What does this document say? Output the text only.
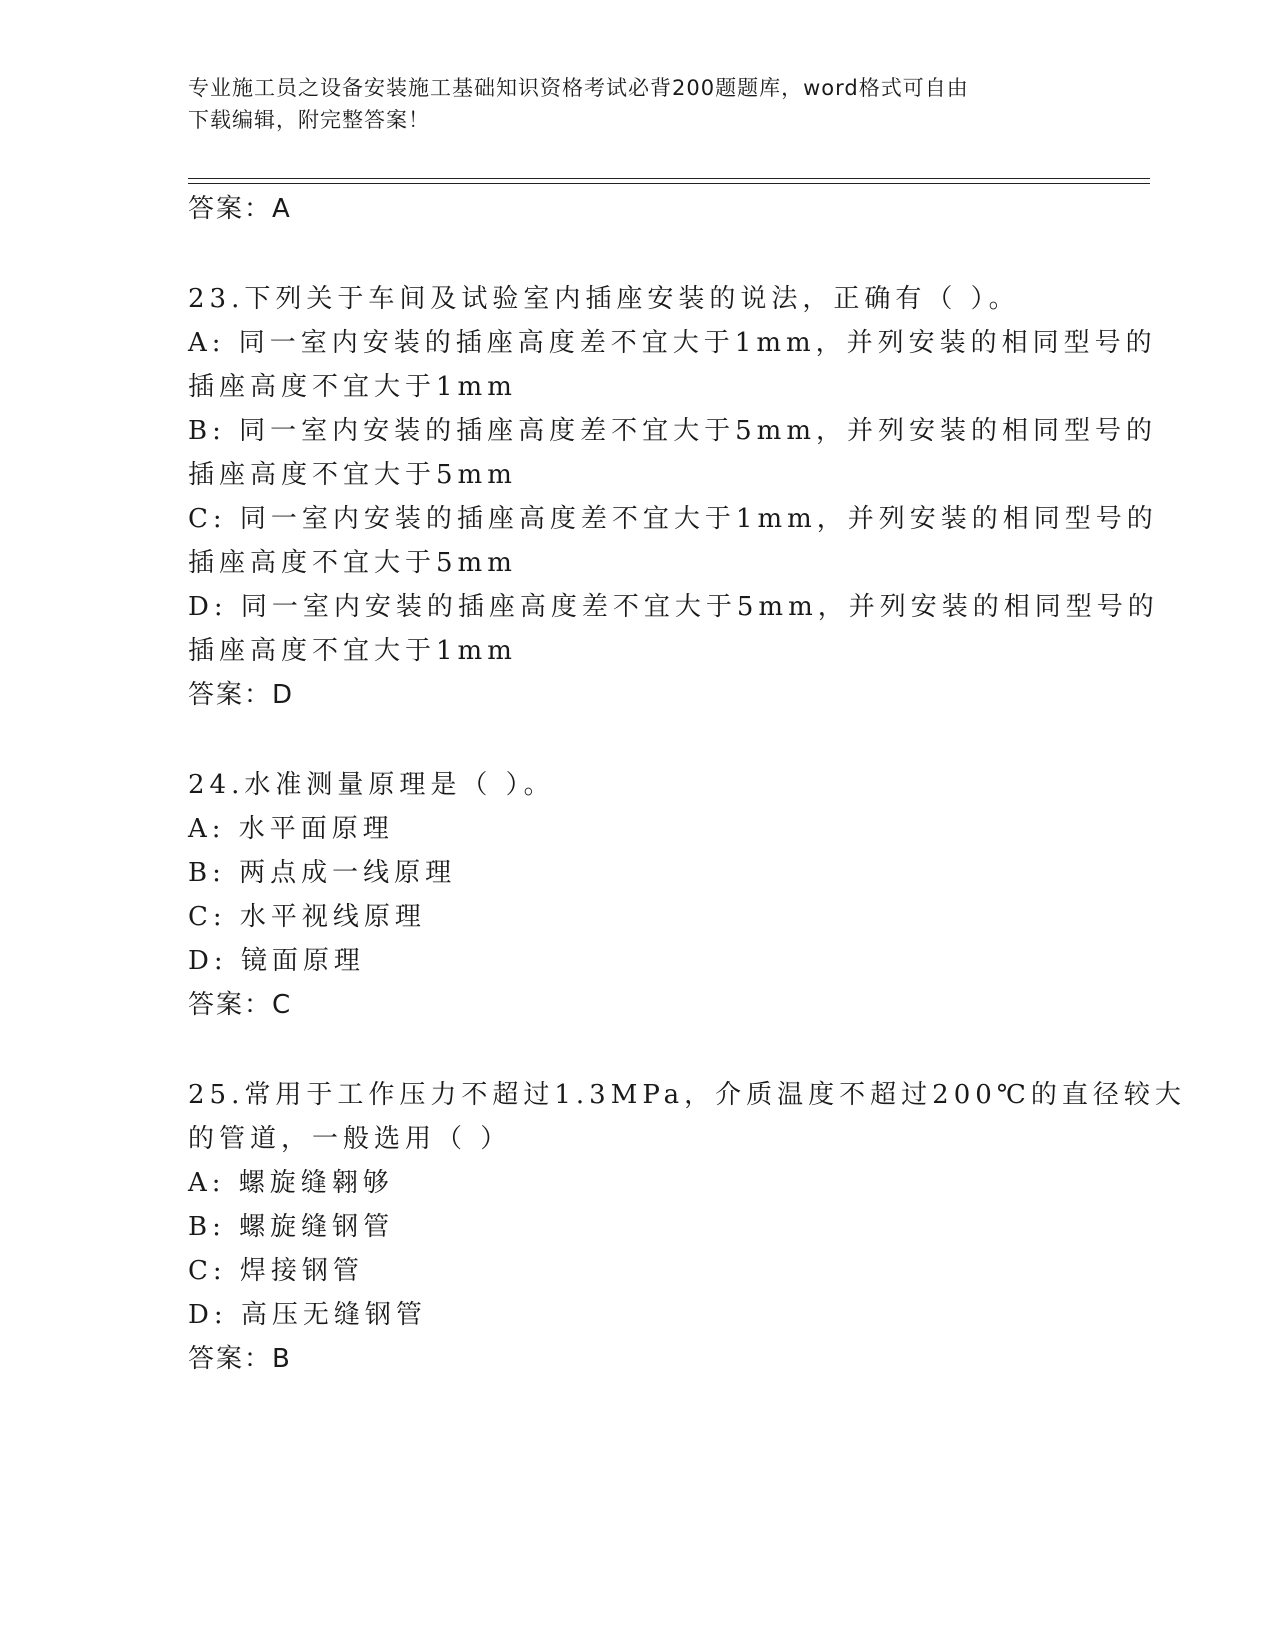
专业施工员之设备安装施工基础知识资格考试必背200题题库，word格式可自由
下载编辑，附完整答案！
答案：A
23.下列关于车间及试验室内插座安装的说法，正确有（ ）。
A: 同一室内安装的插座高度差不宜大于1mm，并列安装的相同型号的
插座高度不宜大于1mm
B: 同一室内安装的插座高度差不宜大于5mm，并列安装的相同型号的
插座高度不宜大于5mm
C: 同一室内安装的插座高度差不宜大于1mm，并列安装的相同型号的
插座高度不宜大于5mm
D: 同一室内安装的插座高度差不宜大于5mm，并列安装的相同型号的
插座高度不宜大于1mm
答案：D
24.水准测量原理是（ ）。
A: 水平面原理
B: 两点成一线原理
C: 水平视线原理
D: 镜面原理
答案：C
25.常用于工作压力不超过1.3MPa，介质温度不超过200℃的直径较大
的管道，一般选用（ ）
A: 螺旋缝翱够
B: 螺旋缝钢管
C: 焊接钢管
D: 高压无缝钢管
答案：B
